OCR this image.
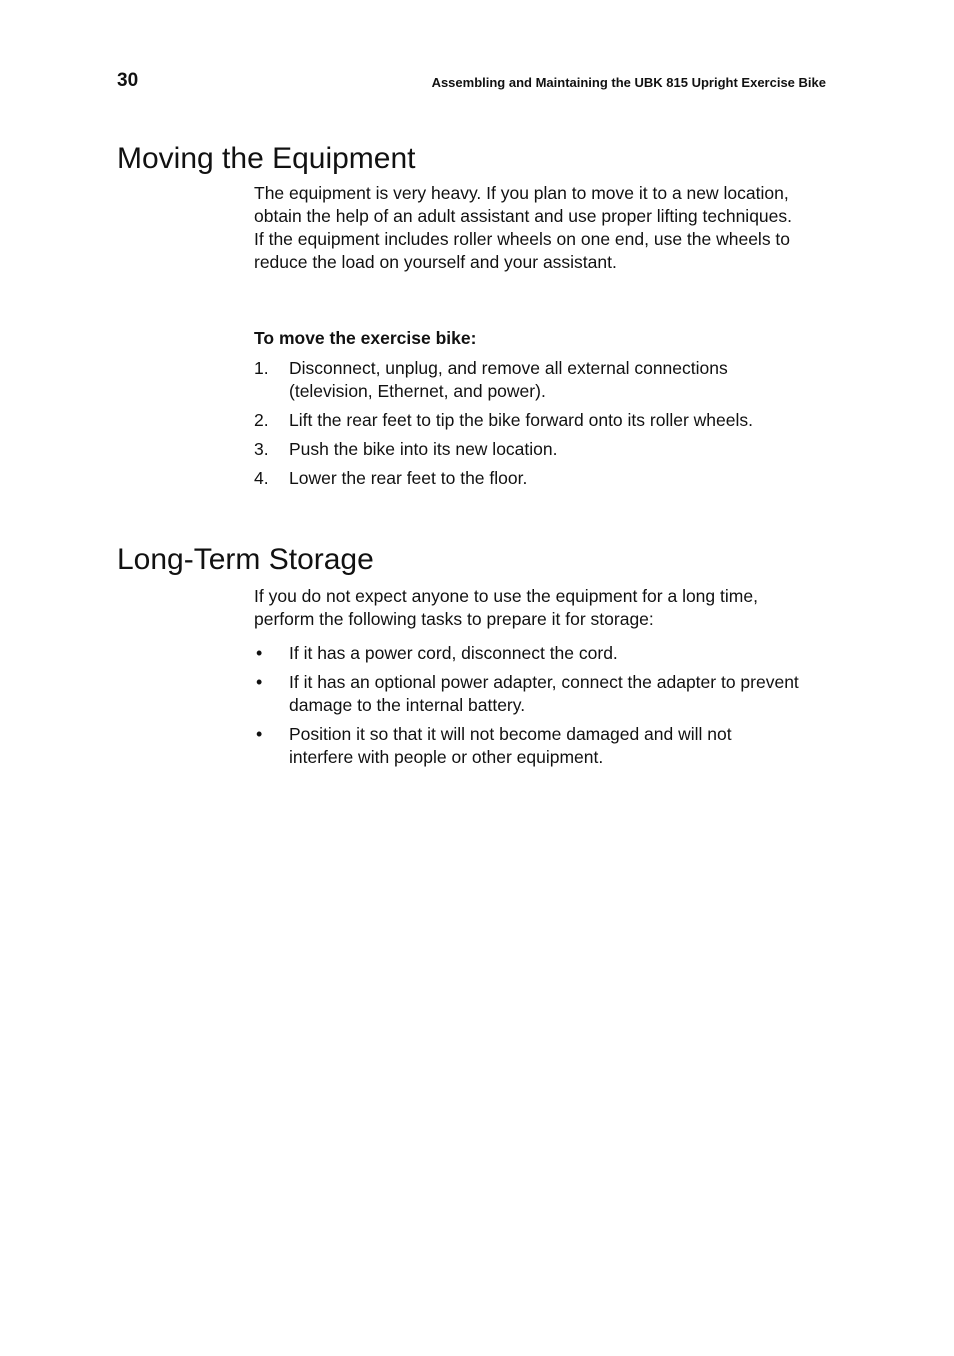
30	Assembling and Maintaining the UBK 815 Upright Exercise Bike
Moving the Equipment

The equipment is very heavy. If you plan to move it to a new location, obtain the help of an adult assistant and use proper lifting techniques. If the equipment includes roller wheels on one end, use the wheels to reduce the load on yourself and your assistant.

To move the exercise bike:

1. Disconnect, unplug, and remove all external connections (television, Ethernet, and power).
2. Lift the rear feet to tip the bike forward onto its roller wheels.
3. Push the bike into its new location.
4. Lower the rear feet to the floor.
Long-Term Storage

If you do not expect anyone to use the equipment for a long time, perform the following tasks to prepare it for storage:

• If it has a power cord, disconnect the cord.
• If it has an optional power adapter, connect the adapter to prevent damage to the internal battery.
• Position it so that it will not become damaged and will not interfere with people or other equipment.
